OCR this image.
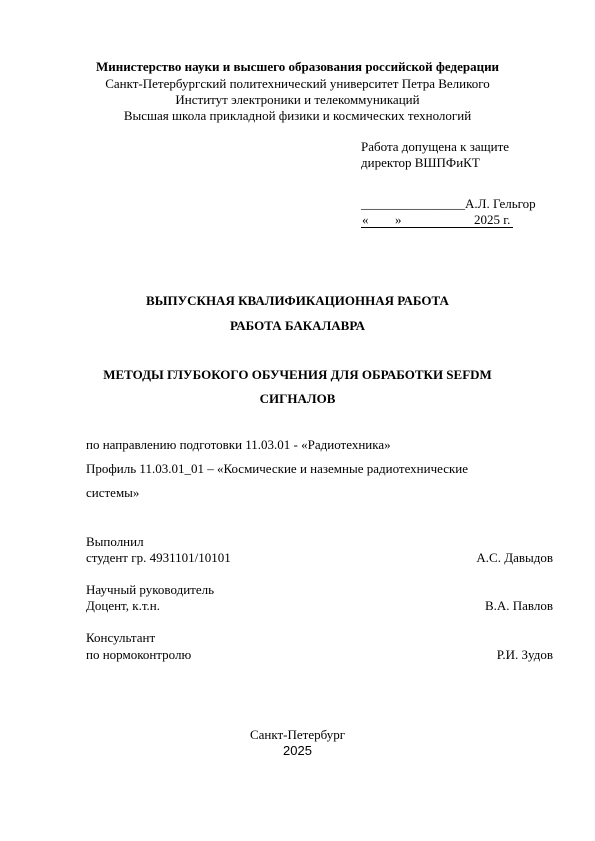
Министерство науки и высшего образования российской федерации
Санкт-Петербургский политехнический университет Петра Великого
Институт электроники и телекоммуникаций
Высшая школа прикладной физики и космических технологий
Работа допущена к защите
директор ВШПФиКТ
________________А.Л. Гельгор
« »	2025 г.
ВЫПУСКНАЯ КВАЛИФИКАЦИОННАЯ РАБОТА
РАБОТА БАКАЛАВРА
МЕТОДЫ ГЛУБОКОГО ОБУЧЕНИЯ ДЛЯ ОБРАБОТКИ SEFDM
СИГНАЛОВ
по направлению подготовки 11.03.01 - «Радиотехника»
Профиль 11.03.01_01 – «Космические и наземные радиотехнические
системы»
Выполнил
студент гр. 4931101/10101	А.С. Давыдов
Научный руководитель
Доцент, к.т.н.	В.А. Павлов
Консультант
по нормоконтролю	Р.И. Зудов
Санкт-Петербург
2025
